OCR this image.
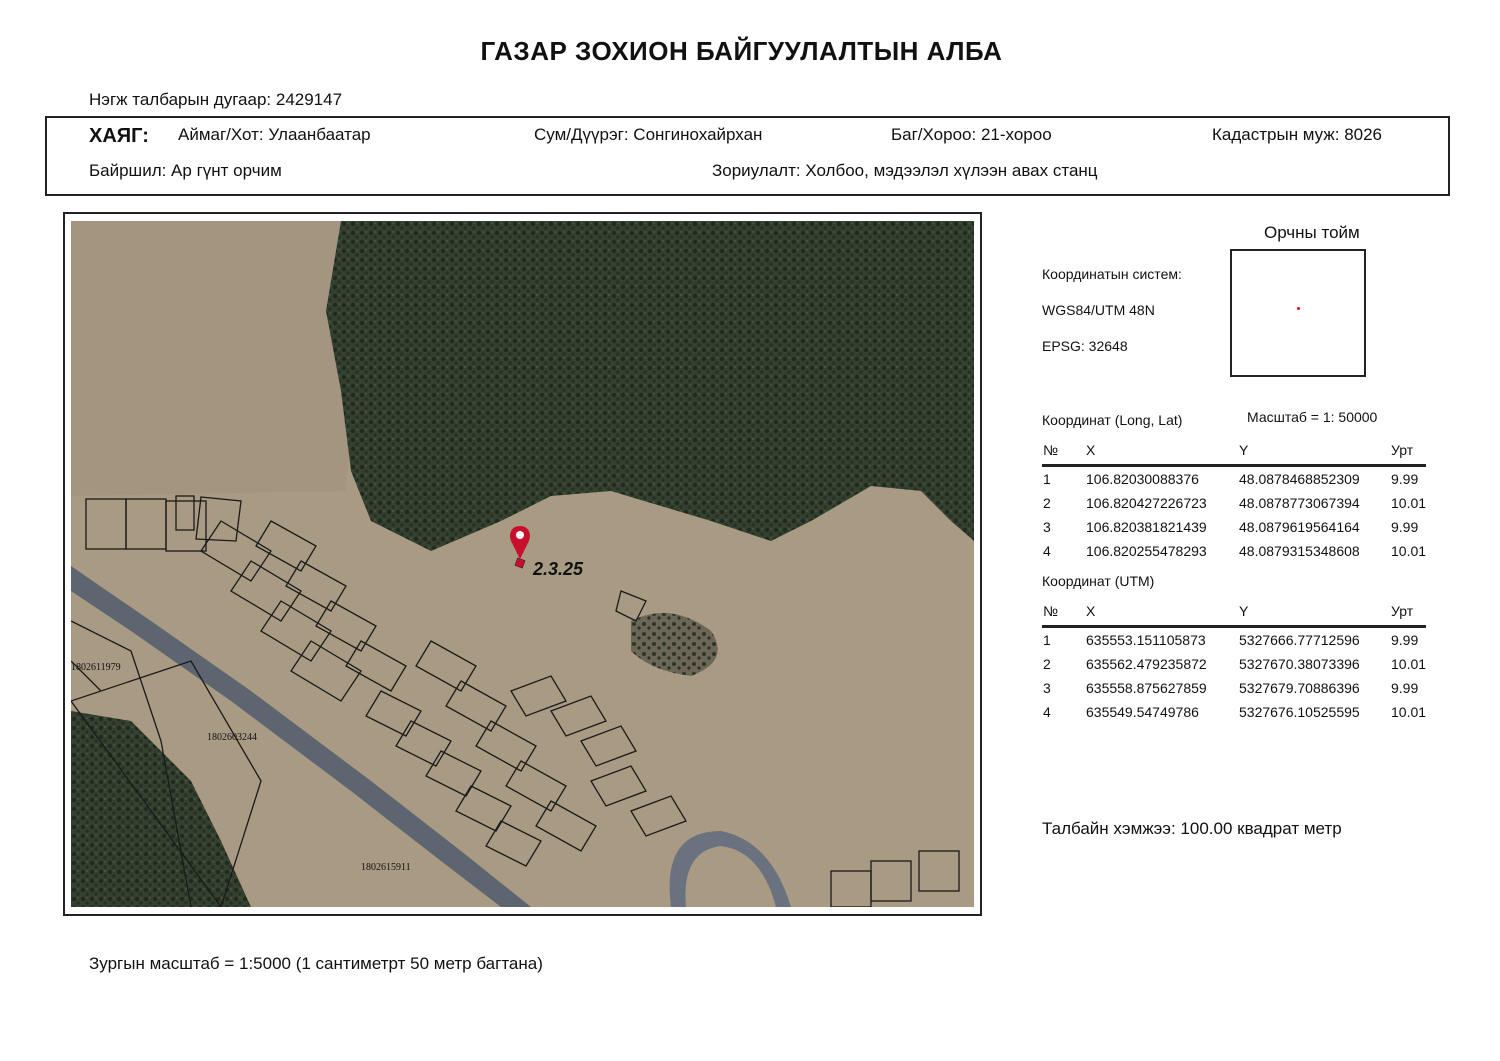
ГАЗАР ЗОХИОН БАЙГУУЛАЛТЫН АЛБА
Нэгж талбарын дугаар: 2429147
ХАЯГ: Аймаг/Хот: Улаанбаатар	Сум/Дүүрэг: Сонгинохайрхан	Баг/Хороо: 21-хороо	Кадастрын муж: 8026
Байршил: Ар гүнт орчим	Зориулалт: Холбоо, мэдээлэл хүлээн авах станц
1802611979
1802603244
1802615911
2.3.25
Координатын систем:
WGS84/UTM 48N
EPSG: 32648
Орчны тойм
Координат (Long, Lat)	Масштаб = 1: 50000
№	X	Y	Урт
1	106.82030088376	48.0878468852309	9.99
2	106.820427226723	48.0878773067394	10.01
3	106.820381821439	48.0879619564164	9.99
4	106.820255478293	48.0879315348608	10.01
Координат (UTM)
№	X	Y	Урт
1	635553.151105873	5327666.77712596	9.99
2	635562.479235872	5327670.38073396	10.01
3	635558.875627859	5327679.70886396	9.99
4	635549.54749786	5327676.10525595	10.01
Талбайн хэмжээ: 100.00 квадрат метр
Зургын масштаб = 1:5000 (1 сантиметрт 50 метр багтана)
